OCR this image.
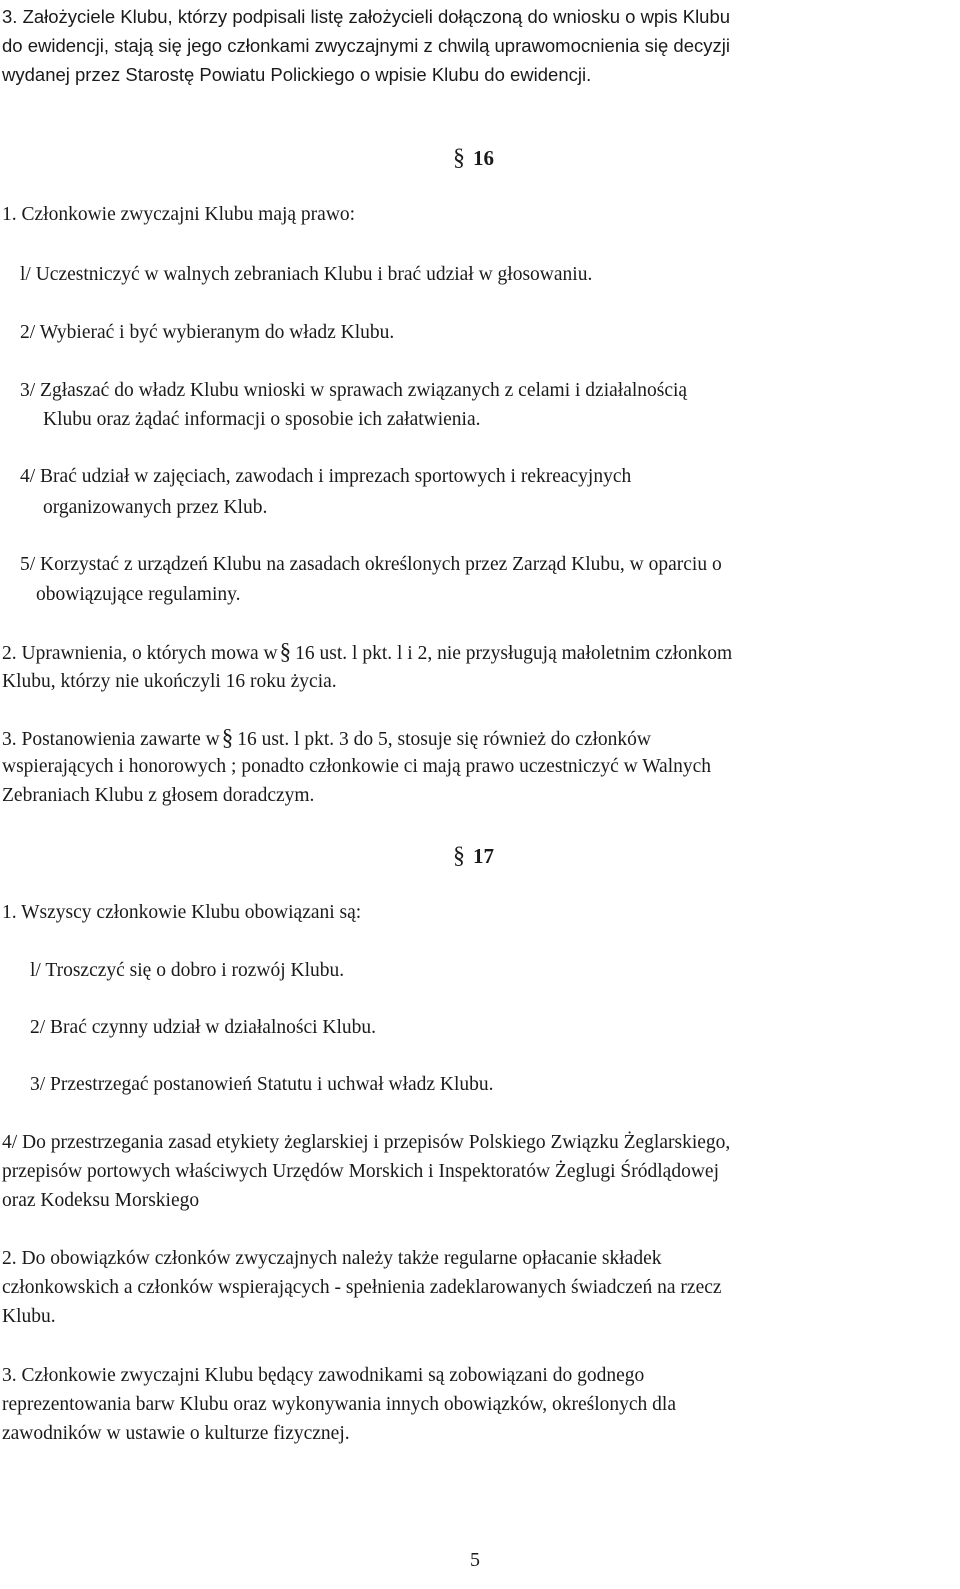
3. Założyciele Klubu, którzy podpisali listę założycieli dołączoną do wniosku o wpis Klubu
do ewidencji, stają się jego członkami zwyczajnymi z chwilą uprawomocnienia się decyzji
wydanej przez Starostę Powiatu Polickiego o wpisie Klubu do ewidencji.
§ 16
1. Członkowie zwyczajni Klubu mają prawo:
l/ Uczestniczyć w walnych zebraniach Klubu i brać udział w głosowaniu.
2/ Wybierać i być wybieranym do władz Klubu.
3/ Zgłaszać do władz Klubu wnioski w sprawach związanych z celami i działalnością
Klubu oraz żądać informacji o sposobie ich załatwienia.
4/ Brać udział w zajęciach, zawodach i imprezach sportowych i rekreacyjnych
organizowanych przez Klub.
5/ Korzystać z urządzeń Klubu na zasadach określonych przez Zarząd Klubu, w oparciu o
obowiązujące regulaminy.
2. Uprawnienia, o których mowa w§ 16 ust. l pkt. l i 2, nie przysługują małoletnim członkom
Klubu, którzy nie ukończyli 16 roku życia.
3. Postanowienia zawarte w§ 16 ust. l pkt. 3 do 5, stosuje się również do członków
wspierających i honorowych ; ponadto członkowie ci mają prawo uczestniczyć w Walnych
Zebraniach Klubu z głosem doradczym.
§ 17
1. Wszyscy członkowie Klubu obowiązani są:
l/ Troszczyć się o dobro i rozwój Klubu.
2/ Brać czynny udział w działalności Klubu.
3/ Przestrzegać postanowień Statutu i uchwał władz Klubu.
4/ Do przestrzegania zasad etykiety żeglarskiej i przepisów Polskiego Związku Żeglarskiego,
przepisów portowych właściwych Urzędów Morskich i Inspektoratów Żeglugi Śródlądowej
oraz Kodeksu Morskiego
2. Do obowiązków członków zwyczajnych należy także regularne opłacanie składek
członkowskich a członków wspierających - spełnienia zadeklarowanych świadczeń na rzecz
Klubu.
3. Członkowie zwyczajni Klubu będący zawodnikami są zobowiązani do godnego
reprezentowania barw Klubu oraz wykonywania innych obowiązków, określonych dla
zawodników w ustawie o kulturze fizycznej.
5
